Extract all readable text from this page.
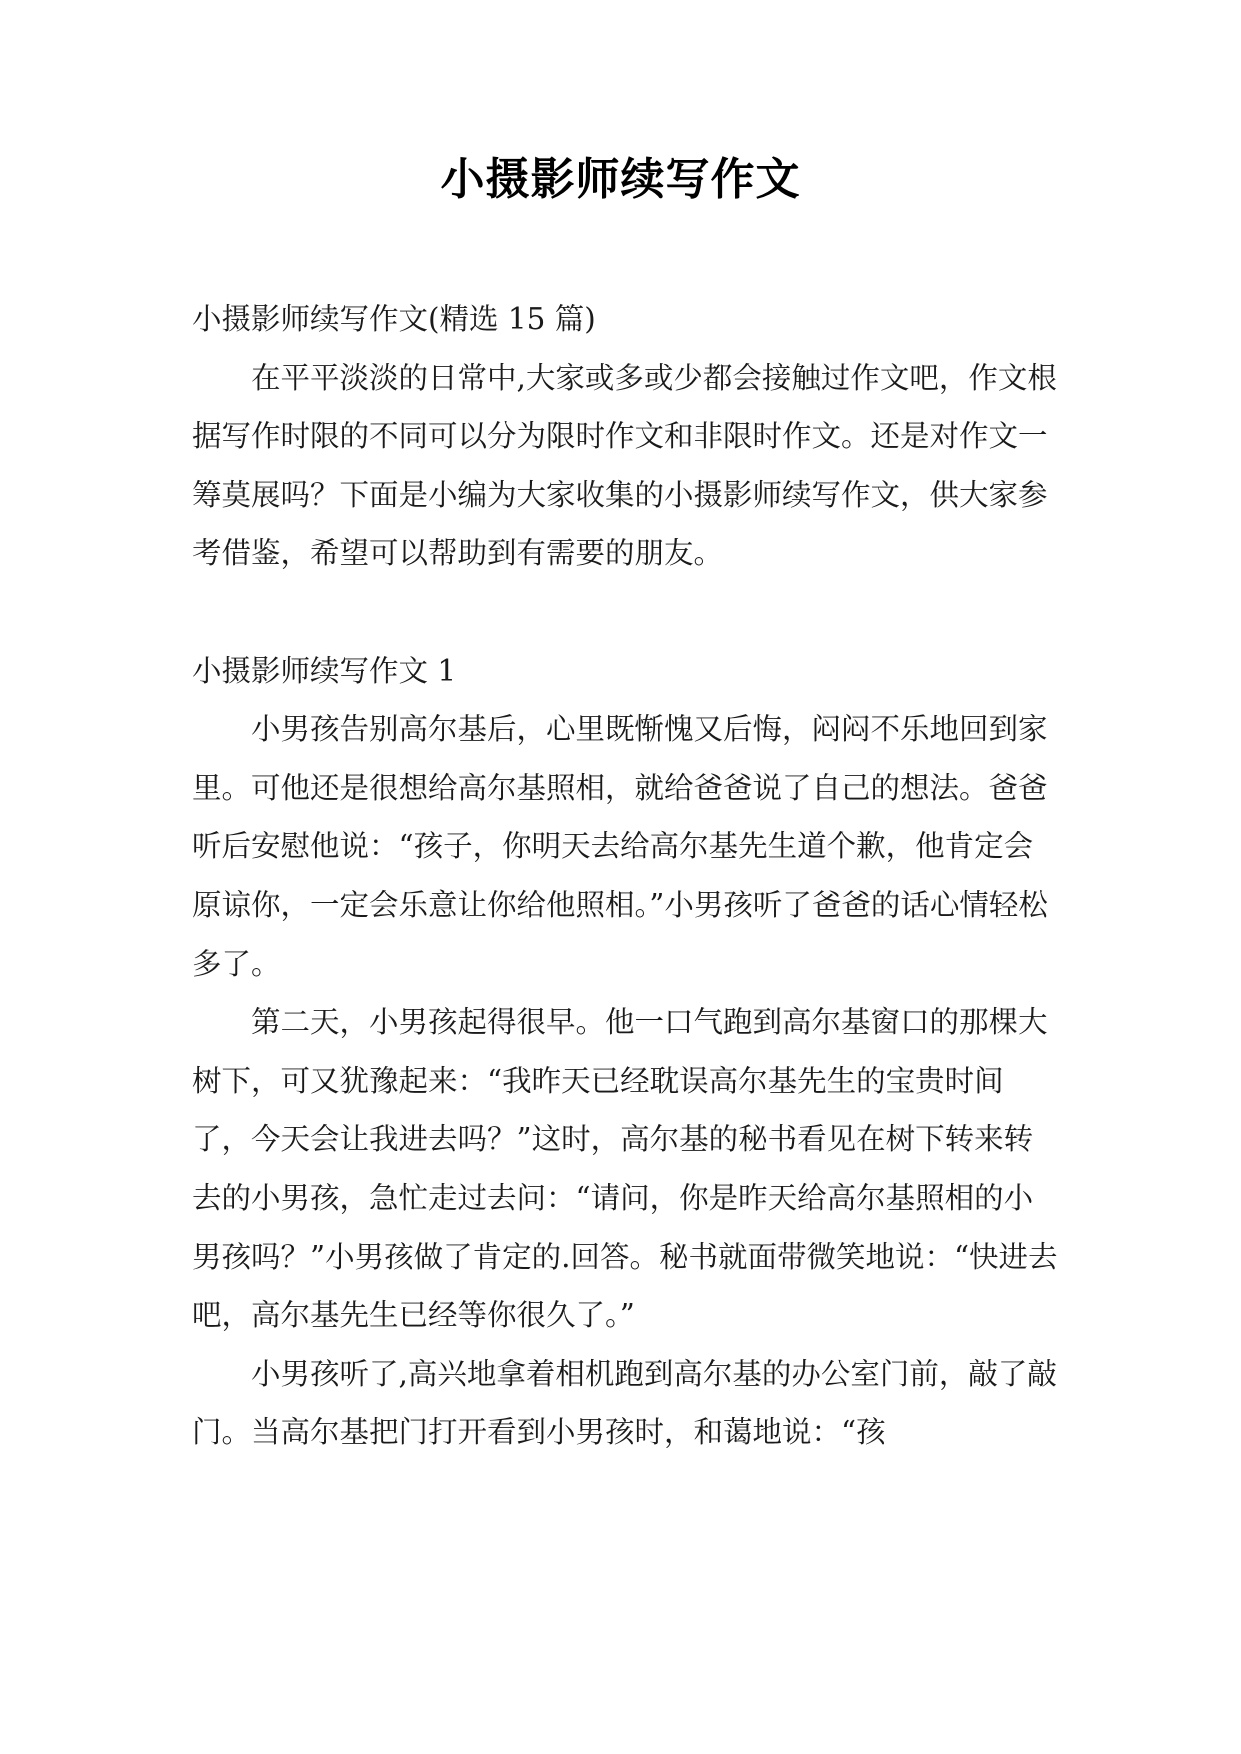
小摄影师续写作文

小摄影师续写作文(精选 15 篇)

在平平淡淡的日常中,大家或多或少都会接触过作文吧，作文根据写作时限的不同可以分为限时作文和非限时作文。还是对作文一筹莫展吗？下面是小编为大家收集的小摄影师续写作文，供大家参考借鉴，希望可以帮助到有需要的朋友。

小摄影师续写作文 1

小男孩告别高尔基后，心里既惭愧又后悔，闷闷不乐地回到家里。可他还是很想给高尔基照相，就给爸爸说了自己的想法。爸爸听后安慰他说：“孩子，你明天去给高尔基先生道个歉，他肯定会原谅你，一定会乐意让你给他照相。”小男孩听了爸爸的话心情轻松多了。

第二天，小男孩起得很早。他一口气跑到高尔基窗口的那棵大树下，可又犹豫起来：“我昨天已经耽误高尔基先生的宝贵时间了，今天会让我进去吗？”这时，高尔基的秘书看见在树下转来转去的小男孩，急忙走过去问：“请问，你是昨天给高尔基照相的小男孩吗？”小男孩做了肯定的.回答。秘书就面带微笑地说：“快进去吧，高尔基先生已经等你很久了。”

小男孩听了,高兴地拿着相机跑到高尔基的办公室门前，敲了敲门。当高尔基把门打开看到小男孩时，和蔼地说：“孩
